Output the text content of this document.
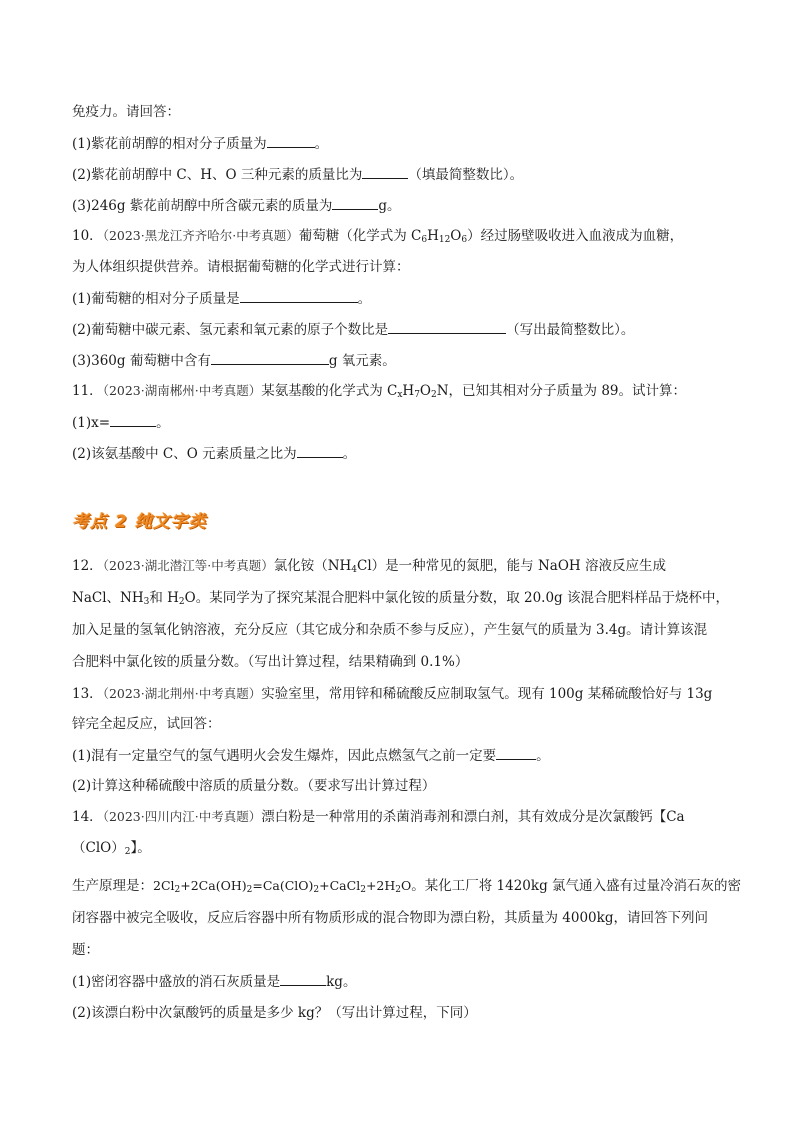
免疫力。请回答：
(1)紫花前胡醇的相对分子质量为	。
(2)紫花前胡醇中 C、H、O 三种元素的质量比为	（填最简整数比）。
(3)246g 紫花前胡醇中所含碳元素的质量为	g。
10．（2023·黑龙江齐齐哈尔·中考真题）葡萄糖（化学式为 $C_6H_{12}O_6$）经过肠壁吸收进入血液成为血糖，
为人体组织提供营养。请根据葡萄糖的化学式进行计算：
(1)葡萄糖的相对分子质量是	。
(2)葡萄糖中碳元素、氢元素和氧元素的原子个数比是	（写出最简整数比）。
(3)360g 葡萄糖中含有	g 氧元素。
11．（2023·湖南郴州·中考真题）某氨基酸的化学式为 $C_xH_7O_2N$，已知其相对分子质量为 89。试计算：
(1)x=	。
(2)该氨基酸中 C、O 元素质量之比为	。
考点 2 纯文字类
12．（2023·湖北潜江等·中考真题）氯化铵$(NH_4Cl)$是一种常见的氮肥，能与 NaOH 溶液反应生成
NaCl、$NH_3$和 $H_2O$。某同学为了探究某混合肥料中氯化铵的质量分数，取 20.0g 该混合肥料样品于烧杯中，
加入足量的氢氧化钠溶液，充分反应（其它成分和杂质不参与反应），产生氨气的质量为 3.4g。请计算该混
合肥料中氯化铵的质量分数。（写出计算过程，结果精确到 0.1%）
13．（2023·湖北荆州·中考真题）实验室里，常用锌和稀硫酸反应制取氢气。现有 100g 某稀硫酸恰好与 13g
锌完全起反应，试回答：
(1)混有一定量空气的氢气遇明火会发生爆炸，因此点燃氢气之前一定要	。
(2)计算这种稀硫酸中溶质的质量分数。（要求写出计算过程）
14．（2023·四川内江·中考真题）漂白粉是一种常用的杀菌消毒剂和漂白剂，其有效成分是次氯酸钙【Ca
$(ClO)_2$】。
生产原理是：$2Cl_2+2Ca(OH)_2=Ca(ClO)_2+CaCl_2+2H_2O$。某化工厂将 1420kg 氯气通入盛有过量冷消石灰的密
闭容器中被完全吸收，反应后容器中所有物质形成的混合物即为漂白粉，其质量为 4000kg，请回答下列问
题：
(1)密闭容器中盛放的消石灰质量是	kg。
(2)该漂白粉中次氯酸钙的质量是多少 kg？（写出计算过程，下同）
